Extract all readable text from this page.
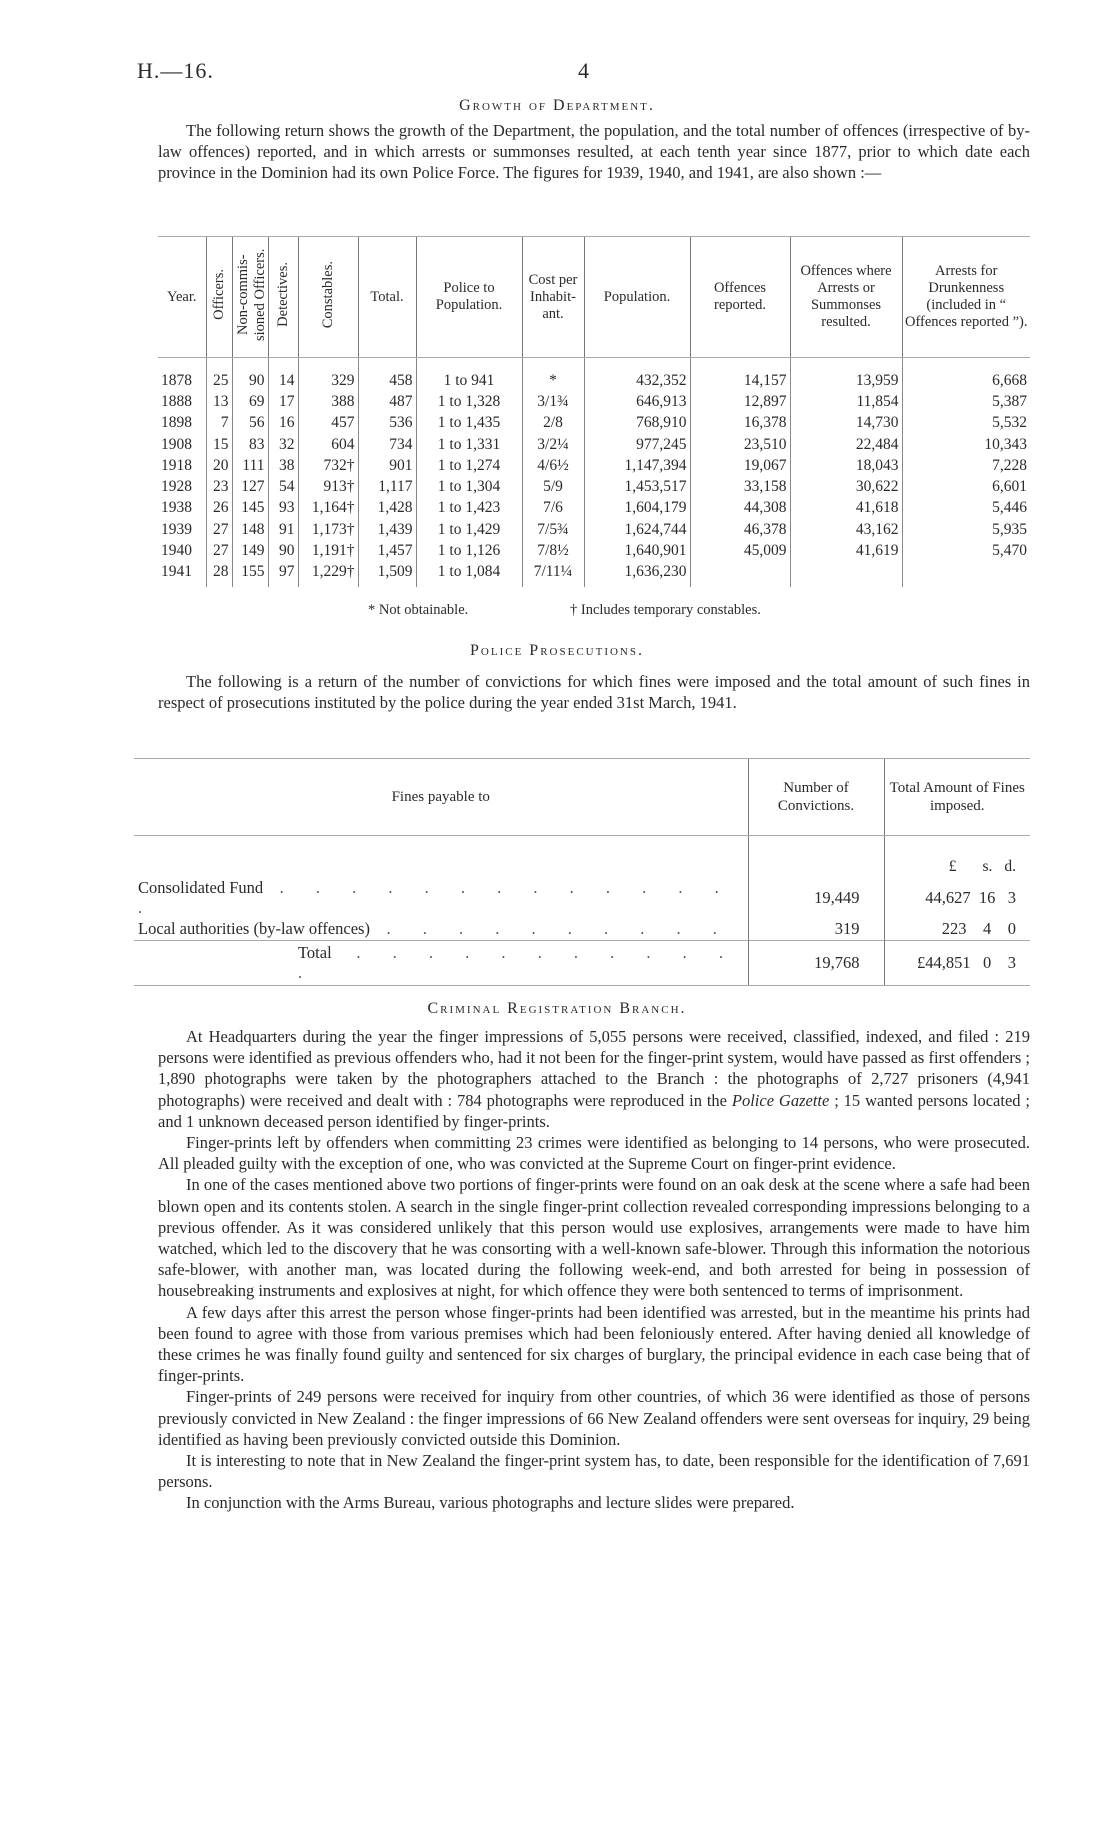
H.—16.	4
Growth of Department.

The following return shows the growth of the Department, the population, and the total number of offences (irrespective of by-law offences) reported, and in which arrests or summonses resulted, at each tenth year since 1877, prior to which date each province in the Dominion had its own Police Force. The figures for 1939, 1940, and 1941, are also shown :—

Year.	Officers.	Non-commis-sioned Officers.	Detectives.	Constables.	Total.	Police to Population.	Cost per Inhabit-ant.	Population.	Offences reported.	Offences where Arrests or Summonses resulted.	Arrests for Drunkenness (included in “ Offences reported ”).
1878	25	90	14	329	458	1 to 941	*	432,352	14,157	13,959	6,668
1888	13	69	17	388	487	1 to 1,328	3/1¾	646,913	12,897	11,854	5,387
1898	7	56	16	457	536	1 to 1,435	2/8	768,910	16,378	14,730	5,532
1908	15	83	32	604	734	1 to 1,331	3/2¼	977,245	23,510	22,484	10,343
1918	20	111	38	732†	901	1 to 1,274	4/6½	1,147,394	19,067	18,043	7,228
1928	23	127	54	913†	1,117	1 to 1,304	5/9	1,453,517	33,158	30,622	6,601
1938	26	145	93	1,164†	1,428	1 to 1,423	7/6	1,604,179	44,308	41,618	5,446
1939	27	148	91	1,173†	1,439	1 to 1,429	7/5¾	1,624,744	46,378	43,162	5,935
1940	27	149	90	1,191†	1,457	1 to 1,126	7/8½	1,640,901	45,009	41,619	5,470
1941	28	155	97	1,229†	1,509	1 to 1,084	7/11¼	1,636,230			
* Not obtainable.	† Includes temporary constables.
Police Prosecutions.

The following is a return of the number of convictions for which fines were imposed and the total amount of such fines in respect of prosecutions instituted by the police during the year ended 31st March, 1941.

Fines payable to	Number of Convictions.	Total Amount of Fines imposed.
		£ s. d.
Consolidated Fund . . . . . . . . . . . . . .	19,449	44,627 16 3
Local authorities (by-law offences) . . . . . . . . . .	319	223 4 0
Total . . . . . . . . . . . .	19,768	£44,851 0 3
Criminal Registration Branch.

At Headquarters during the year the finger impressions of 5,055 persons were received, classified, indexed, and filed : 219 persons were identified as previous offenders who, had it not been for the finger-print system, would have passed as first offenders ; 1,890 photographs were taken by the photographers attached to the Branch : the photographs of 2,727 prisoners (4,941 photographs) were received and dealt with : 784 photographs were reproduced in the Police Gazette ; 15 wanted persons located ; and 1 unknown deceased person identified by finger-prints.

Finger-prints left by offenders when committing 23 crimes were identified as belonging to 14 persons, who were prosecuted. All pleaded guilty with the exception of one, who was convicted at the Supreme Court on finger-print evidence.

In one of the cases mentioned above two portions of finger-prints were found on an oak desk at the scene where a safe had been blown open and its contents stolen. A search in the single finger-print collection revealed corresponding impressions belonging to a previous offender. As it was considered unlikely that this person would use explosives, arrangements were made to have him watched, which led to the discovery that he was consorting with a well-known safe-blower. Through this information the notorious safe-blower, with another man, was located during the following week-end, and both arrested for being in possession of housebreaking instruments and explosives at night, for which offence they were both sentenced to terms of imprisonment.

A few days after this arrest the person whose finger-prints had been identified was arrested, but in the meantime his prints had been found to agree with those from various premises which had been feloniously entered. After having denied all knowledge of these crimes he was finally found guilty and sentenced for six charges of burglary, the principal evidence in each case being that of finger-prints.

Finger-prints of 249 persons were received for inquiry from other countries, of which 36 were identified as those of persons previously convicted in New Zealand : the finger impressions of 66 New Zealand offenders were sent overseas for inquiry, 29 being identified as having been previously convicted outside this Dominion.

It is interesting to note that in New Zealand the finger-print system has, to date, been responsible for the identification of 7,691 persons.

In conjunction with the Arms Bureau, various photographs and lecture slides were prepared.
